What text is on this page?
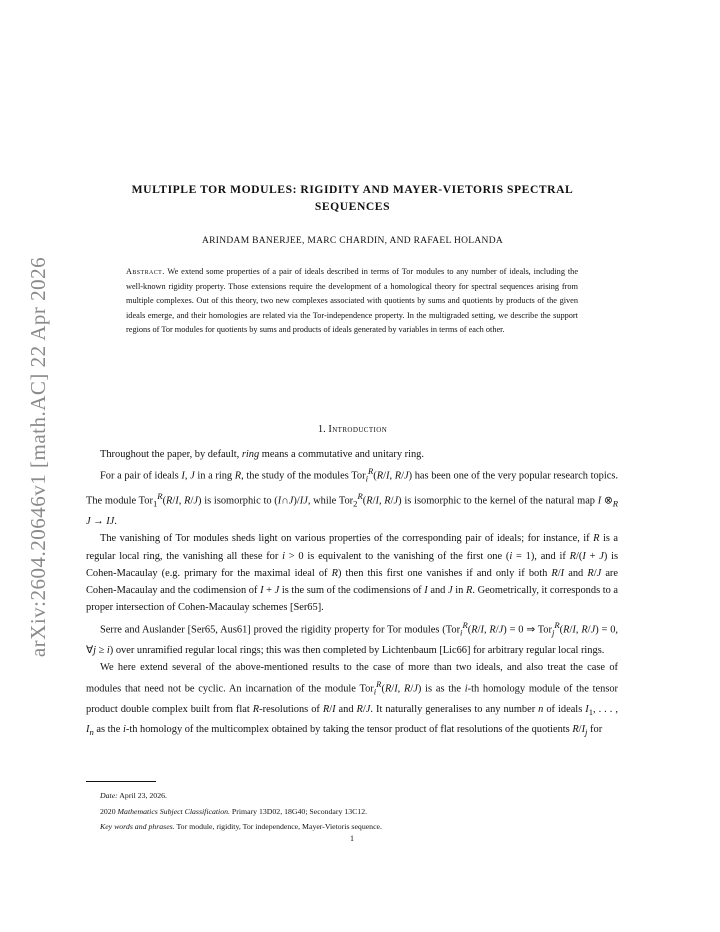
arXiv:2604.20646v1 [math.AC] 22 Apr 2026
MULTIPLE TOR MODULES: RIGIDITY AND MAYER-VIETORIS SPECTRAL
SEQUENCES
ARINDAM BANERJEE, MARC CHARDIN, AND RAFAEL HOLANDA
Abstract. We extend some properties of a pair of ideals described in terms of Tor modules to any number of ideals, including the well-known rigidity property. Those extensions require the development of a homological theory for spectral sequences arising from multiple complexes. Out of this theory, two new complexes associated with quotients by sums and quotients by products of the given ideals emerge, and their homologies are related via the Tor-independence property. In the multigraded setting, we describe the support regions of Tor modules for quotients by sums and products of ideals generated by variables in terms of each other.
1. Introduction

Throughout the paper, by default, ring means a commutative and unitary ring.

For a pair of ideals I, J in a ring R, the study of the modules Tor$_i^R$(R/I, R/J) has been one of the very popular research topics. The module Tor$_1^R$(R/I, R/J) is isomorphic to (I∩J)/IJ, while Tor$_2^R$(R/I, R/J) is isomorphic to the kernel of the natural map I $\otimes_R$ J → IJ.

The vanishing of Tor modules sheds light on various properties of the corresponding pair of ideals; for instance, if R is a regular local ring, the vanishing all these for i > 0 is equivalent to the vanishing of the first one (i = 1), and if R/(I + J) is Cohen-Macaulay (e.g. primary for the maximal ideal of R) then this first one vanishes if and only if both R/I and R/J are Cohen-Macaulay and the codimension of I + J is the sum of the codimensions of I and J in R. Geometrically, it corresponds to a proper intersection of Cohen-Macaulay schemes [Ser65].

Serre and Auslander [Ser65, Aus61] proved the rigidity property for Tor modules (Tor$_i^R$(R/I, R/J) = 0 ⇒ Tor$_j^R$(R/I, R/J) = 0, ∀j ≥ i) over unramified regular local rings; this was then completed by Lichtenbaum [Lic66] for arbitrary regular local rings.

We here extend several of the above-mentioned results to the case of more than two ideals, and also treat the case of modules that need not be cyclic. An incarnation of the module Tor$_i^R$(R/I, R/J) is as the i-th homology module of the tensor product double complex built from flat R-resolutions of R/I and R/J. It naturally generalises to any number n of ideals $I_1$, . . . , $I_n$ as the i-th homology of the multicomplex obtained by taking the tensor product of flat resolutions of the quotients $R/I_j$ for

Date: April 23, 2026.
2020 Mathematics Subject Classification. Primary 13D02, 18G40; Secondary 13C12.
Key words and phrases. Tor module, rigidity, Tor independence, Mayer-Vietoris sequence.
1
